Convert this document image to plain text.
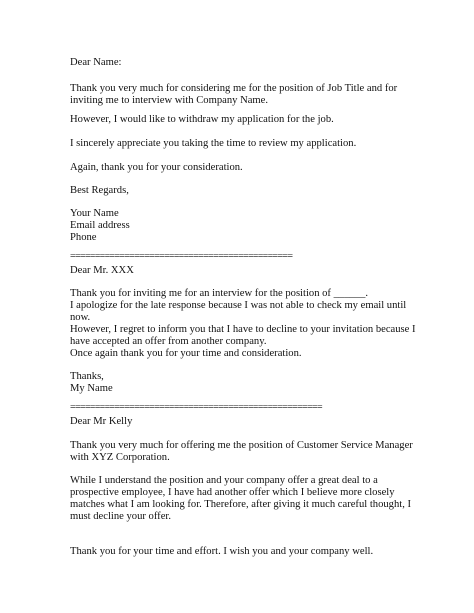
Dear Name:
Thank you very much for considering me for the position of Job Title and for
inviting me to interview with Company Name.
However, I would like to withdraw my application for the job.
I sincerely appreciate you taking the time to review my application.
Again, thank you for your consideration.
Best Regards,
Your Name
Email address
Phone
=============================================
Dear Mr. XXX
Thank you for inviting me for an interview for the position of ______.
I apologize for the late response because I was not able to check my email until
now.
However, I regret to inform you that I have to decline to your invitation because I
have accepted an offer from another company.
Once again thank you for your time and consideration.
Thanks,
My Name
===================================================
Dear Mr Kelly
Thank you very much for offering me the position of Customer Service Manager
with XYZ Corporation.
While I understand the position and your company offer a great deal to a
prospective employee, I have had another offer which I believe more closely
matches what I am looking for. Therefore, after giving it much careful thought, I
must decline your offer.
Thank you for your time and effort. I wish you and your company well.
